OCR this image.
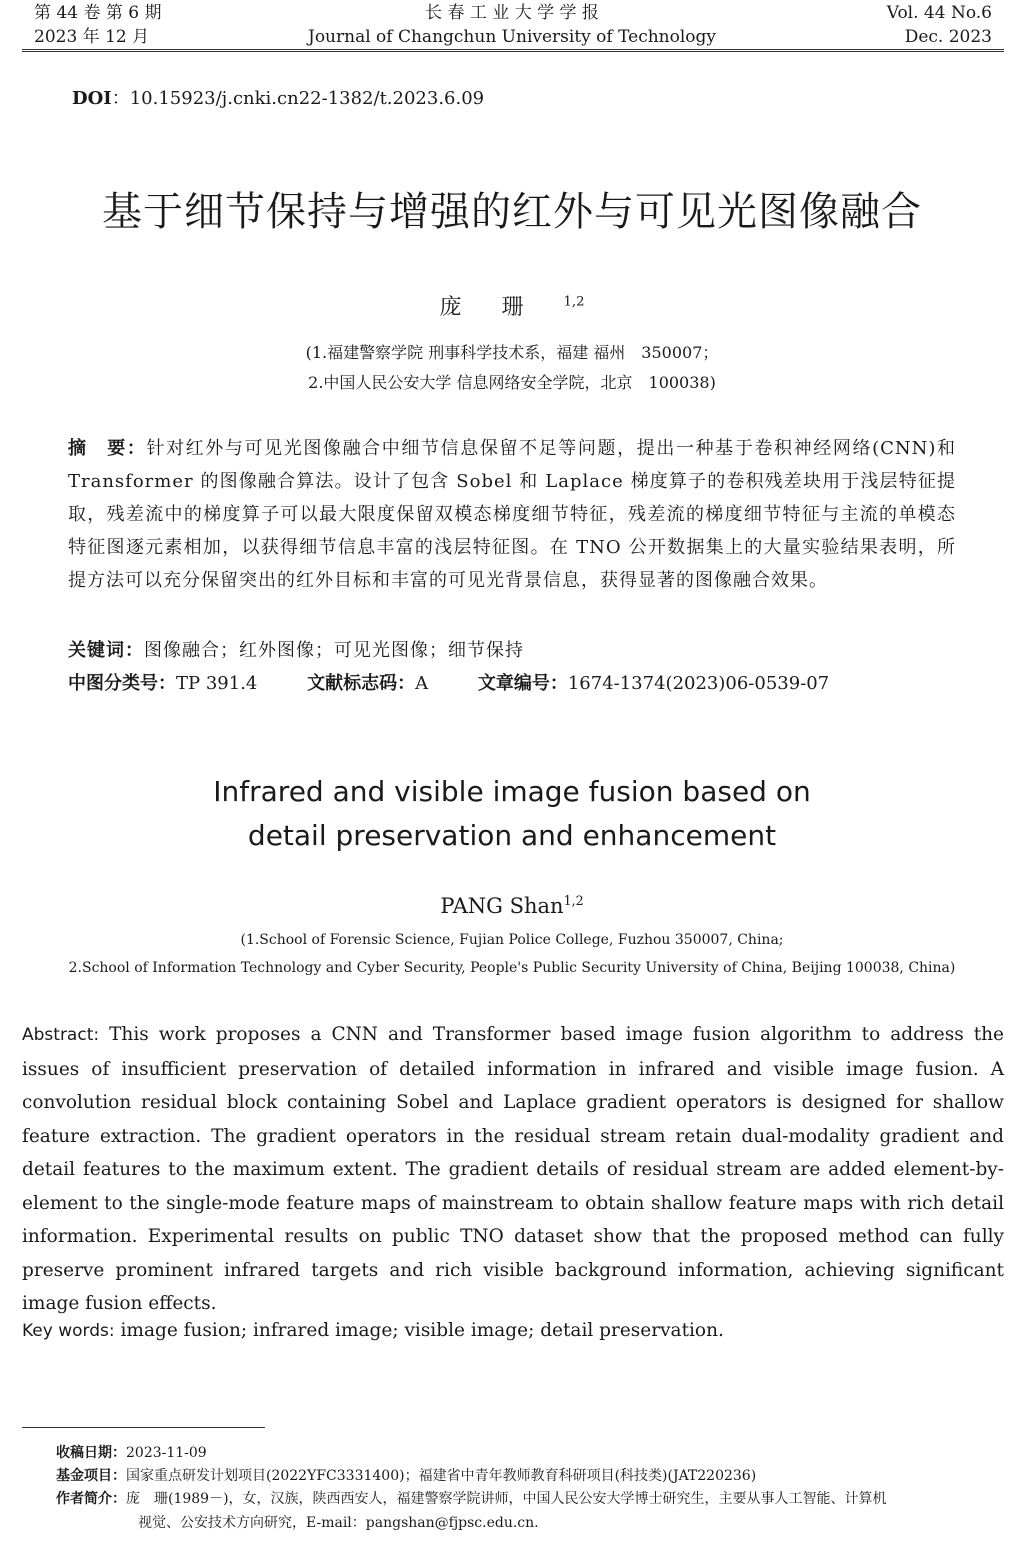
第 44 卷 第 6 期
2023 年 12 月
长 春 工 业 大 学 学 报
Journal of Changchun University of Technology
Vol. 44 No.6
Dec. 2023
DOI：10.15923/j.cnki.cn22-1382/t.2023.6.09
基于细节保持与增强的红外与可见光图像融合
庞珊$^{1,2}$
(1.福建警察学院 刑事科学技术系，福建 福州　350007；
2.中国人民公安大学 信息网络安全学院，北京　100038)
摘　要：针对红外与可见光图像融合中细节信息保留不足等问题，提出一种基于卷积神经网络(CNN)和 Transformer 的图像融合算法。设计了包含 Sobel 和 Laplace 梯度算子的卷积残差块用于浅层特征提取，残差流中的梯度算子可以最大限度保留双模态梯度细节特征，残差流的梯度细节特征与主流的单模态特征图逐元素相加，以获得细节信息丰富的浅层特征图。在 TNO 公开数据集上的大量实验结果表明，所提方法可以充分保留突出的红外目标和丰富的可见光背景信息，获得显著的图像融合效果。
关键词：图像融合；红外图像；可见光图像；细节保持
中图分类号：TP 391.4	文献标志码：A	文章编号：1674-1374(2023)06-0539-07
Infrared and visible image fusion based on
detail preservation and enhancement
PANG Shan$^{1,2}$
(1.School of Forensic Science, Fujian Police College, Fuzhou 350007, China;
2.School of Information Technology and Cyber Security, People's Public Security University of China, Beijing 100038, China)
Abstract: This work proposes a CNN and Transformer based image fusion algorithm to address the issues of insufficient preservation of detailed information in infrared and visible image fusion. A convolution residual block containing Sobel and Laplace gradient operators is designed for shallow feature extraction. The gradient operators in the residual stream retain dual-modality gradient and detail features to the maximum extent. The gradient details of residual stream are added element-by-element to the single-mode feature maps of mainstream to obtain shallow feature maps with rich detail information. Experimental results on public TNO dataset show that the proposed method can fully preserve prominent infrared targets and rich visible background information, achieving significant image fusion effects.
Key words: image fusion; infrared image; visible image; detail preservation.
收稿日期：2023-11-09
基金项目：国家重点研发计划项目(2022YFC3331400)；福建省中青年教师教育科研项目(科技类)(JAT220236)
作者简介：庞　珊(1989－)，女，汉族，陕西西安人，福建警察学院讲师，中国人民公安大学博士研究生，主要从事人工智能、计算机
视觉、公安技术方向研究，E-mail：pangshan@fjpsc.edu.cn.
